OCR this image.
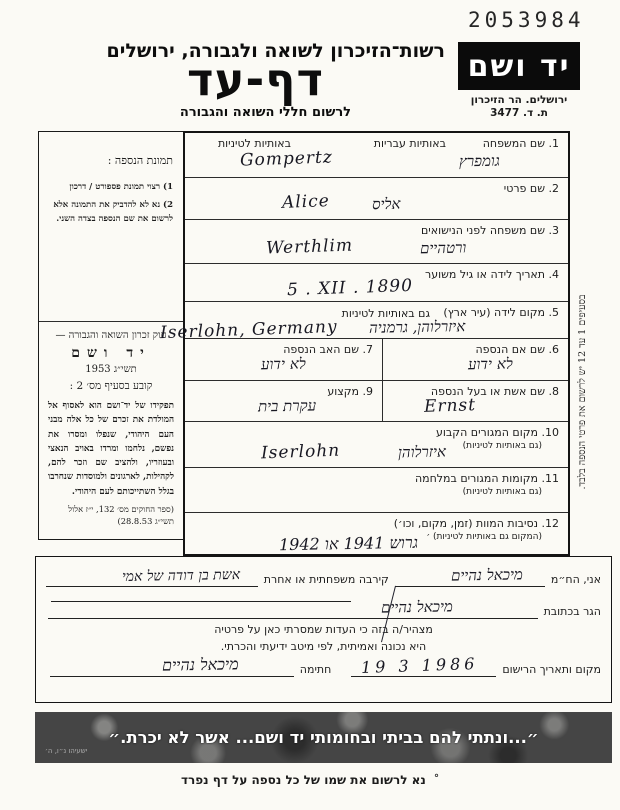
2053984
רשות־הזיכרון לשואה ולגבורה, ירושלים
דף-עד
לרשום חללי השואה והגבורה
יד ושם
ירושלים. הר הזיכרון
ת. ד. 3477
תמונת הנספה :
1) רצוי תמונת פספורט / דרכון
2) נא לא להדביק את התמונה אלא לרשום את שם הנספה בצדה השני.
חוק זכרון השואה והגבורה —
יד ושם
תשי״ג 1953
קובע בסעיף מס׳ 2 :
תפקידו של יד־ושם הוא לאסוף אל המולדת את זכרם של כל אלה מבני העם היהודי, שנפלו ומסרו את נפשם, נלחמו ומרדו באויב הנאצי ובעוזריו, ולהציב שם וזכר להם, לקהילות, לארגונים ולמוסדות שנחרבו בגלל השתייכותם לעם היהודי.
(ספר החוקים מס׳ 132, י״ז אלול תשי״ג 28.8.53)
1. שם המשפחה
באותיות עבריות
באותיות לטיניות
גומפרץ
Gompertz
2. שם פרטי
אליס
Alice
3. שם משפחה לפני הנישואים
ורטהיים
Werthlim
4. תאריך לידה או גיל משוער
5 . XII . 1890
5. מקום לידה (עיר ארץ)
גם באותיות לטיניות
איזרלוהן, גרמניה
Iserlohn, Germany
6. שם אם הנספה
לא ידוע
7. שם האב הנספה
לא ידוע
8. שם אשת או בעל הנספה
Ernst
9. מקצוע
עקרת בית
10. מקום המגורים הקבוע
(גם באותיות לטיניות)
איזרלוהן
Iserlohn
11. מקומות המגורים במלחמה
(גם באותיות לטיניות)
12. נסיבות המוות (זמן, מקום, וכו׳)
(המקום גם באותיות לטיניות) ׳
גרוש 1941 או 1942
בסעיפים 1 עד 12 יש לרשום את פרטי הנספה בלבד.
אני, הח״מ
מיכאל נהיים
קירבה משפחתית או אחרת
אשת בן דודה של אמי
הגר בכתובת
מיכאל נהיים
מצהיר/ה בזה כי העדות שמסרתי כאן על פרטיה
היא נכונה ואמיתית, לפי מיטב ידיעתי והכרתי.
מקום ותאריך הרישום
19 3 1986
חתימה
מיכאל נהיים
״...ונתתי להם בביתי ובחומותי יד ושם... אשר לא יכרת.״
ישעיהו נ״ו, ה׳
° נא לרשום את שמו של כל נספה על דף נפרד
